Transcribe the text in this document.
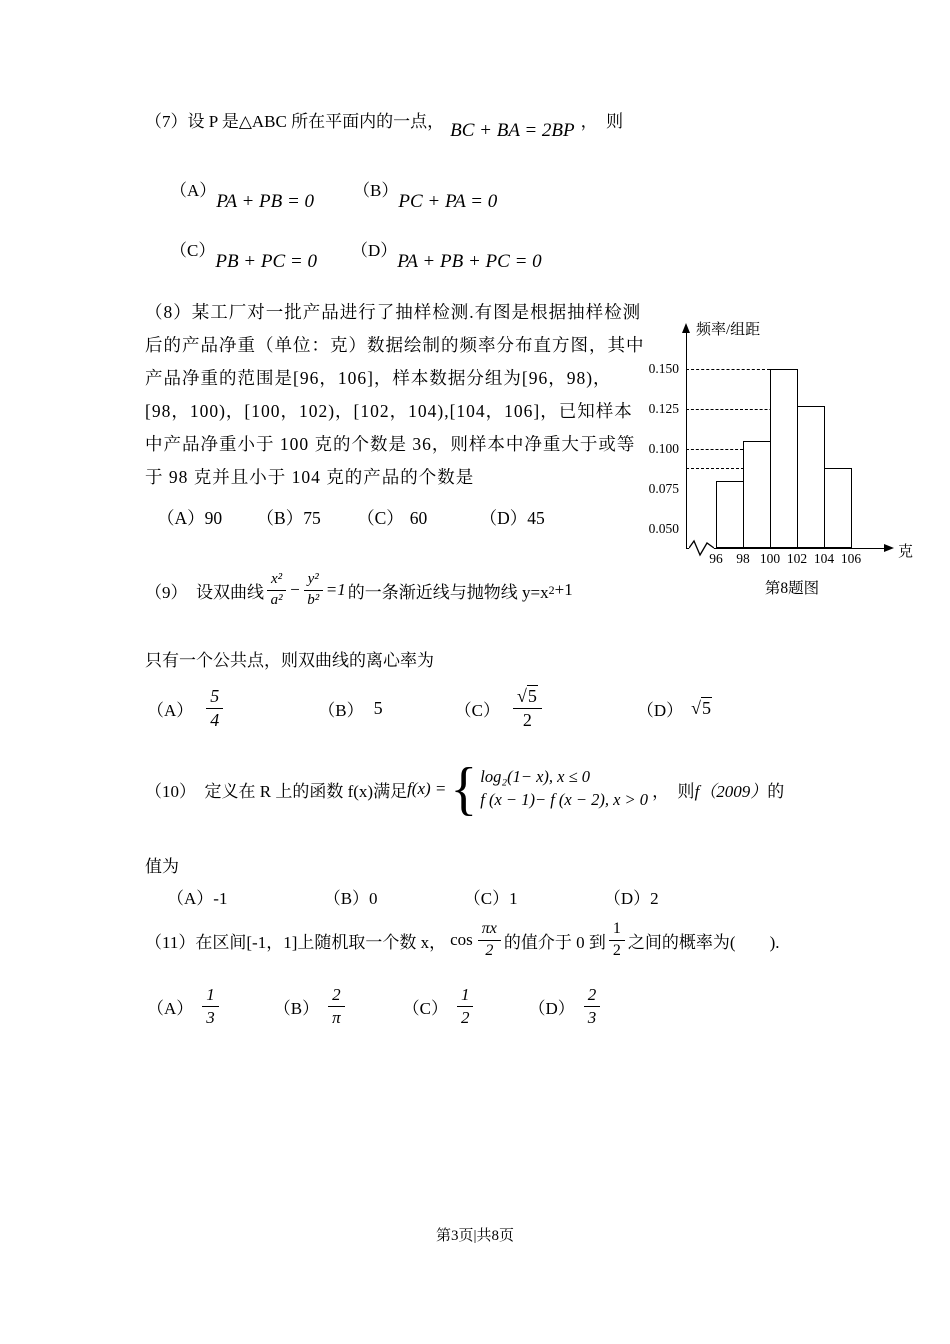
（7）设 P 是△ABC 所在平面内的一点， BC + BA = 2BP ，　则
（A）PA + PB = 0 （B）PC + PA = 0
（C）PB + PC = 0 （D）PA + PB + PC = 0
（8）某工厂对一批产品进行了抽样检测.有图是根据抽样检测
后的产品净重（单位：克）数据绘制的频率分布直方图，其中
产品净重的范围是[96，106]，样本数据分组为[96，98)，
[98，100)，[100，102)，[102，104),[104，106]，已知样本
中产品净重小于 100 克的个数是 36，则样本中净重大于或等
于 98 克并且小于 104 克的产品的个数是
（A）90 （B）75 （C） 60	（D）45
频率/组距
克
0.150
0.125
0.100
0.075
0.050
96	98 100 102 104 106
第8题图
（9）　设双曲线 $\frac{\text{x²}}{\text{a²}} - \frac{\text{y²}}{\text{b²}} =1$ 的一条渐近线与抛物线 y=x 2 +1
只有一个公共点，则双曲线的离心率为
$(A) \frac{5}{4}$	（B） 5	$(C) \frac{√5}{2}$	（D） √5
（10）　定义在 R 上的函数 f(x)满足 f(x) = { log₂(1− x), x ≤ 0
f (x − 1)− f (x − 2), x > 0 ，　则 f（2009） 的
值为
（A）-1	（B）0	（C）1	（D）2
（11）在区间[-1，1]上随机取一个数 x， $\cos \frac{\pi x}{2}$ 的值介于 0 到 $\frac{1}{2}$ 之间的概率为(　　).
$(A) \frac{1}{3}$	$(B) \frac{2}{\pi}$	$(C) \frac{1}{2}$	$(D) \frac{2}{3}$
第3页|共8页
